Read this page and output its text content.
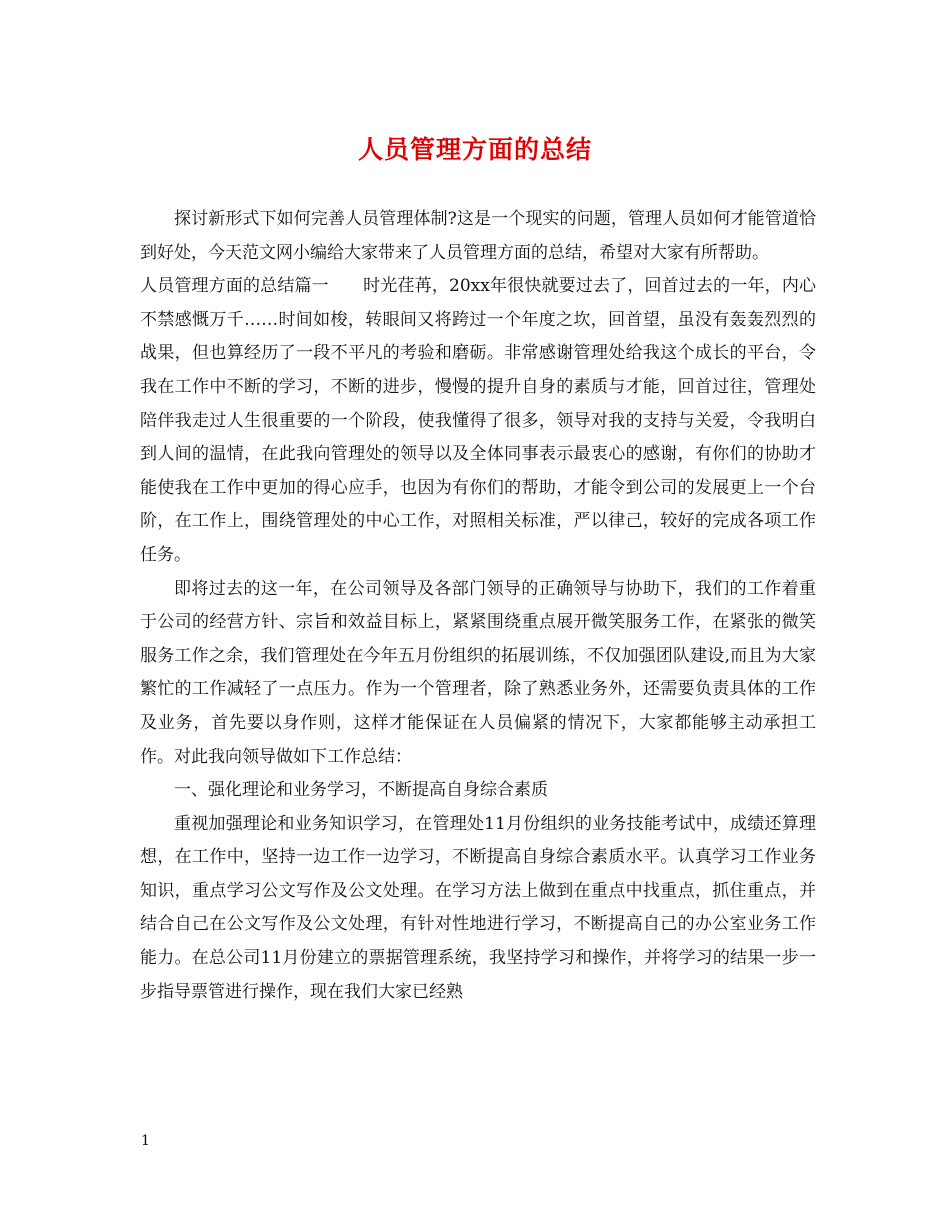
人员管理方面的总结

探讨新形式下如何完善人员管理体制?这是一个现实的问题，管理人员如何才能管道恰到好处，今天范文网小编给大家带来了人员管理方面的总结，希望对大家有所帮助。

人员管理方面的总结篇一　　时光荏苒，20xx年很快就要过去了，回首过去的一年，内心不禁感慨万千……时间如梭，转眼间又将跨过一个年度之坎，回首望，虽没有轰轰烈烈的战果，但也算经历了一段不平凡的考验和磨砺。非常感谢管理处给我这个成长的平台，令我在工作中不断的学习，不断的进步，慢慢的提升自身的素质与才能，回首过往，管理处陪伴我走过人生很重要的一个阶段，使我懂得了很多，领导对我的支持与关爱，令我明白到人间的温情，在此我向管理处的领导以及全体同事表示最衷心的感谢，有你们的协助才能使我在工作中更加的得心应手，也因为有你们的帮助，才能令到公司的发展更上一个台阶，在工作上，围绕管理处的中心工作，对照相关标准，严以律己，较好的完成各项工作任务。

即将过去的这一年，在公司领导及各部门领导的正确领导与协助下，我们的工作着重于公司的经营方针、宗旨和效益目标上，紧紧围绕重点展开微笑服务工作，在紧张的微笑服务工作之余，我们管理处在今年五月份组织的拓展训练，不仅加强团队建设,而且为大家繁忙的工作减轻了一点压力。作为一个管理者，除了熟悉业务外，还需要负责具体的工作及业务，首先要以身作则，这样才能保证在人员偏紧的情况下，大家都能够主动承担工作。对此我向领导做如下工作总结：

一、强化理论和业务学习，不断提高自身综合素质

重视加强理论和业务知识学习，在管理处11月份组织的业务技能考试中，成绩还算理想，在工作中，坚持一边工作一边学习，不断提高自身综合素质水平。认真学习工作业务知识，重点学习公文写作及公文处理。在学习方法上做到在重点中找重点，抓住重点，并结合自己在公文写作及公文处理，有针对性地进行学习，不断提高自己的办公室业务工作能力。在总公司11月份建立的票据管理系统，我坚持学习和操作，并将学习的结果一步一步指导票管进行操作，现在我们大家已经熟

1
